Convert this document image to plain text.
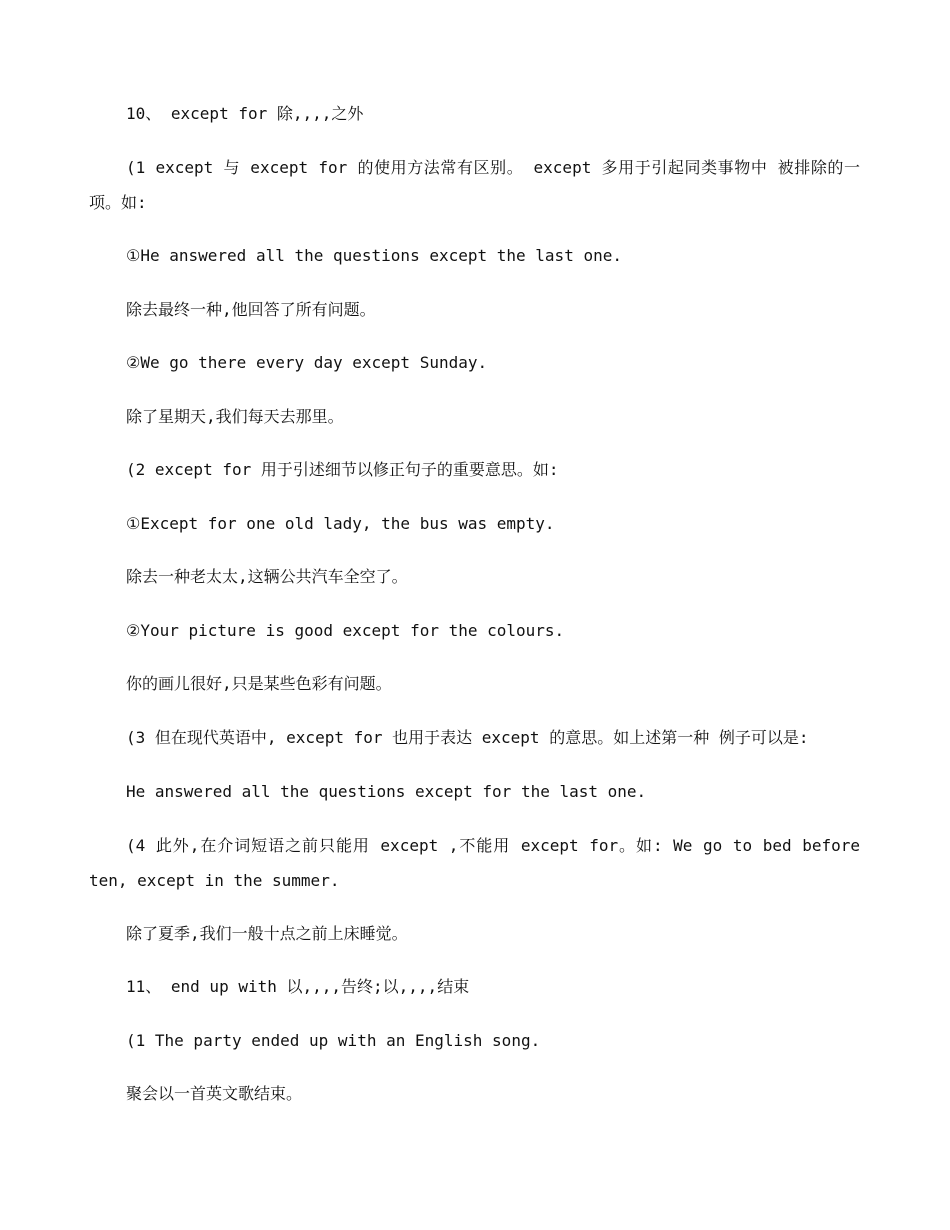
10、 except for 除,,,,之外
(1 except 与 except for 的使用方法常有区别。 except 多用于引起同类事物中 被排除的一项。如:
①He answered all the questions except the last one.
除去最终一种,他回答了所有问题。
②We go there every day except Sunday.
除了星期天,我们每天去那里。
(2 except for 用于引述细节以修正句子的重要意思。如:
①Except for one old lady, the bus was empty.
除去一种老太太,这辆公共汽车全空了。
②Your picture is good except for the colours.
你的画儿很好,只是某些色彩有问题。
(3 但在现代英语中, except for 也用于表达 except 的意思。如上述第一种 例子可以是:
He answered all the questions except for the last one.
(4 此外,在介词短语之前只能用 except ,不能用 except for。如: We go to bed before ten, except in the summer.
除了夏季,我们一般十点之前上床睡觉。
11、 end up with 以,,,,告终;以,,,,结束
(1 The party ended up with an English song.
聚会以一首英文歌结束。
